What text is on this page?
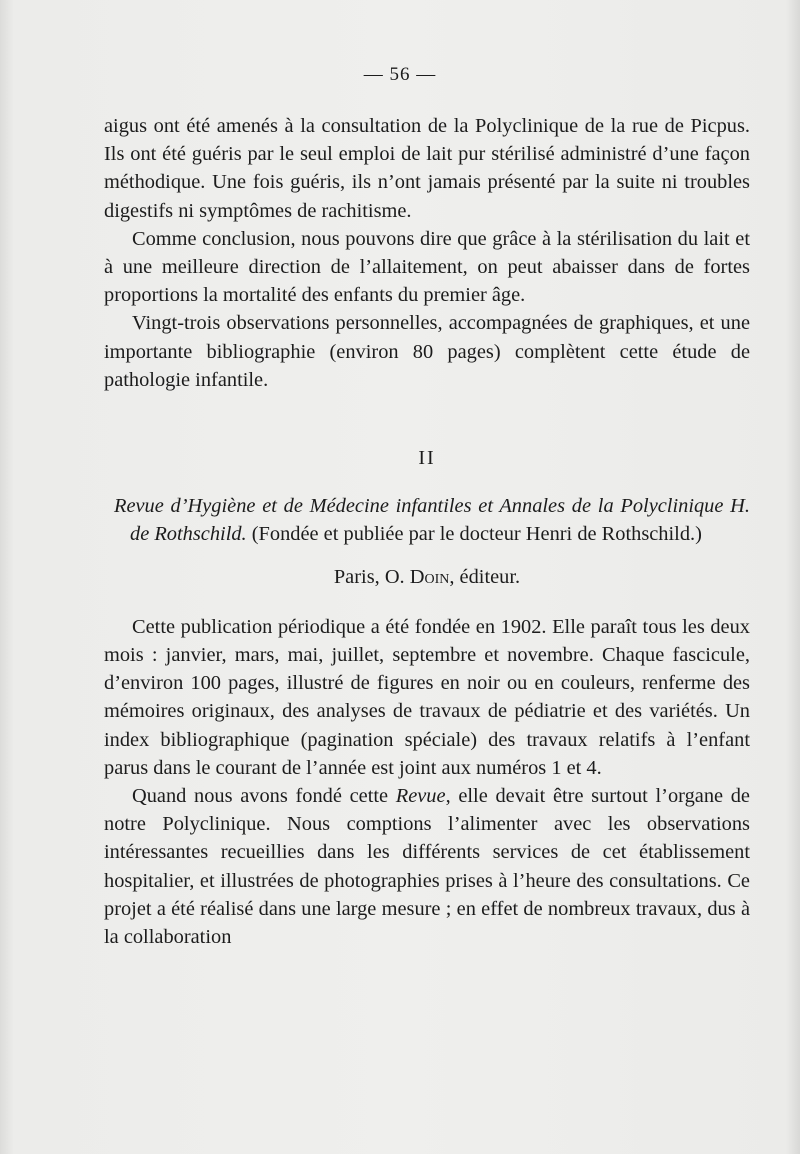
— 56 —

aigus ont été amenés à la consultation de la Polyclinique de la rue de Picpus. Ils ont été guéris par le seul emploi de lait pur stérilisé administré d’une façon méthodique. Une fois guéris, ils n’ont jamais présenté par la suite ni troubles digestifs ni symptômes de rachitisme.

Comme conclusion, nous pouvons dire que grâce à la stérilisation du lait et à une meilleure direction de l’allaitement, on peut abaisser dans de fortes proportions la mortalité des enfants du premier âge.

Vingt-trois observations personnelles, accompagnées de graphiques, et une importante bibliographie (environ 80 pages) complètent cette étude de pathologie infantile.

II

Revue d’Hygiène et de Médecine infantiles et Annales de la Polyclinique H. de Rothschild. (Fondée et publiée par le docteur Henri de Rothschild.)

Paris, O. Doin, éditeur.

Cette publication périodique a été fondée en 1902. Elle paraît tous les deux mois : janvier, mars, mai, juillet, septembre et novembre. Chaque fascicule, d’environ 100 pages, illustré de figures en noir ou en couleurs, renferme des mémoires originaux, des analyses de travaux de pédiatrie et des variétés. Un index bibliographique (pagination spéciale) des travaux relatifs à l’enfant parus dans le courant de l’année est joint aux numéros 1 et 4.

Quand nous avons fondé cette Revue, elle devait être surtout l’organe de notre Polyclinique. Nous comptions l’alimenter avec les observations intéressantes recueillies dans les différents services de cet établissement hospitalier, et illustrées de photographies prises à l’heure des consultations. Ce projet a été réalisé dans une large mesure ; en effet de nombreux travaux, dus à la collaboration
